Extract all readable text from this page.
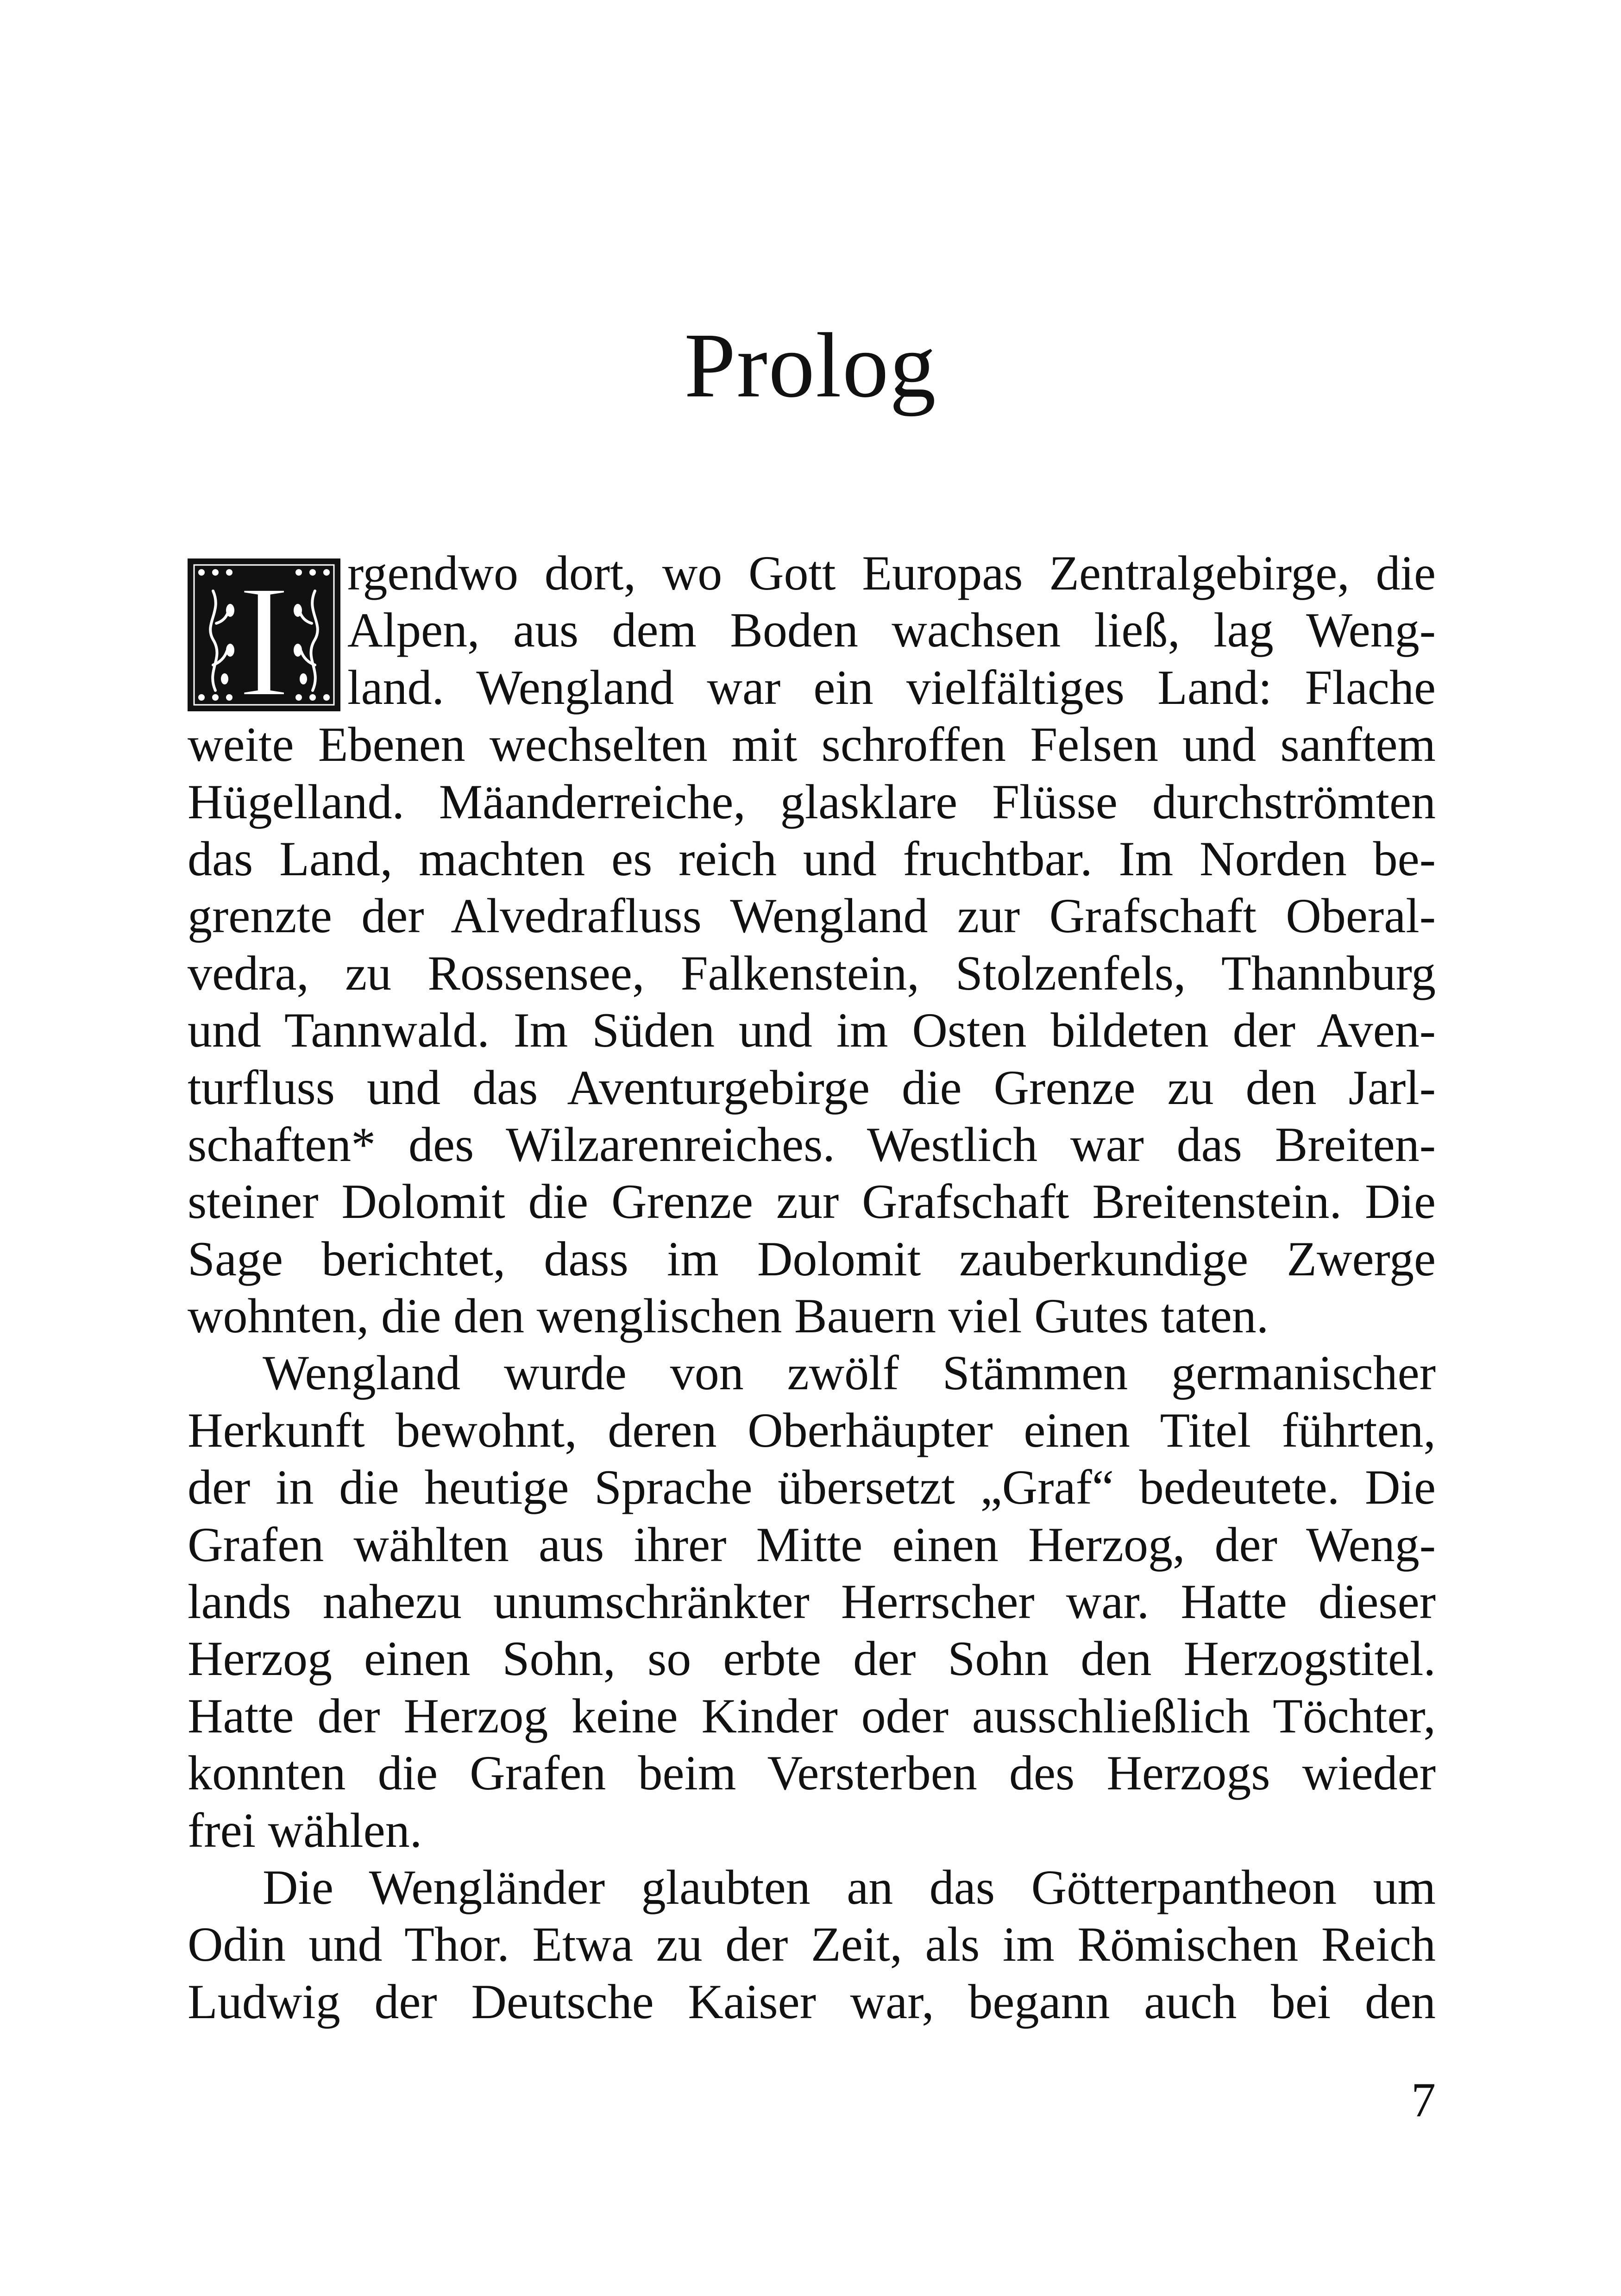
Prolog
I	rgendwo dort, wo Gott Europas Zentralgebirge, die
Alpen, aus dem Boden wachsen ließ, lag Weng-
land. Wengland war ein vielfältiges Land: Flache
weite Ebenen wechselten mit schroffen Felsen und sanftem
Hügelland. Mäanderreiche, glasklare Flüsse durchströmten
das Land, machten es reich und fruchtbar. Im Norden be-
grenzte der Alvedrafluss Wengland zur Grafschaft Oberal-
vedra, zu Rossensee, Falkenstein, Stolzenfels, Thannburg
und Tannwald. Im Süden und im Osten bildeten der Aven-
turfluss und das Aventurgebirge die Grenze zu den Jarl-
schaften* des Wilzarenreiches. Westlich war das Breiten-
steiner Dolomit die Grenze zur Grafschaft Breitenstein. Die
Sage berichtet, dass im Dolomit zauberkundige Zwerge
wohnten, die den wenglischen Bauern viel Gutes taten.
Wengland wurde von zwölf Stämmen germanischer
Herkunft bewohnt, deren Oberhäupter einen Titel führten,
der in die heutige Sprache übersetzt „Graf“ bedeutete. Die
Grafen wählten aus ihrer Mitte einen Herzog, der Weng-
lands nahezu unumschränkter Herrscher war. Hatte dieser
Herzog einen Sohn, so erbte der Sohn den Herzogstitel.
Hatte der Herzog keine Kinder oder ausschließlich Töchter,
konnten die Grafen beim Versterben des Herzogs wieder
frei wählen.
Die Wengländer glaubten an das Götterpantheon um
Odin und Thor. Etwa zu der Zeit, als im Römischen Reich
Ludwig der Deutsche Kaiser war, begann auch bei den
7
